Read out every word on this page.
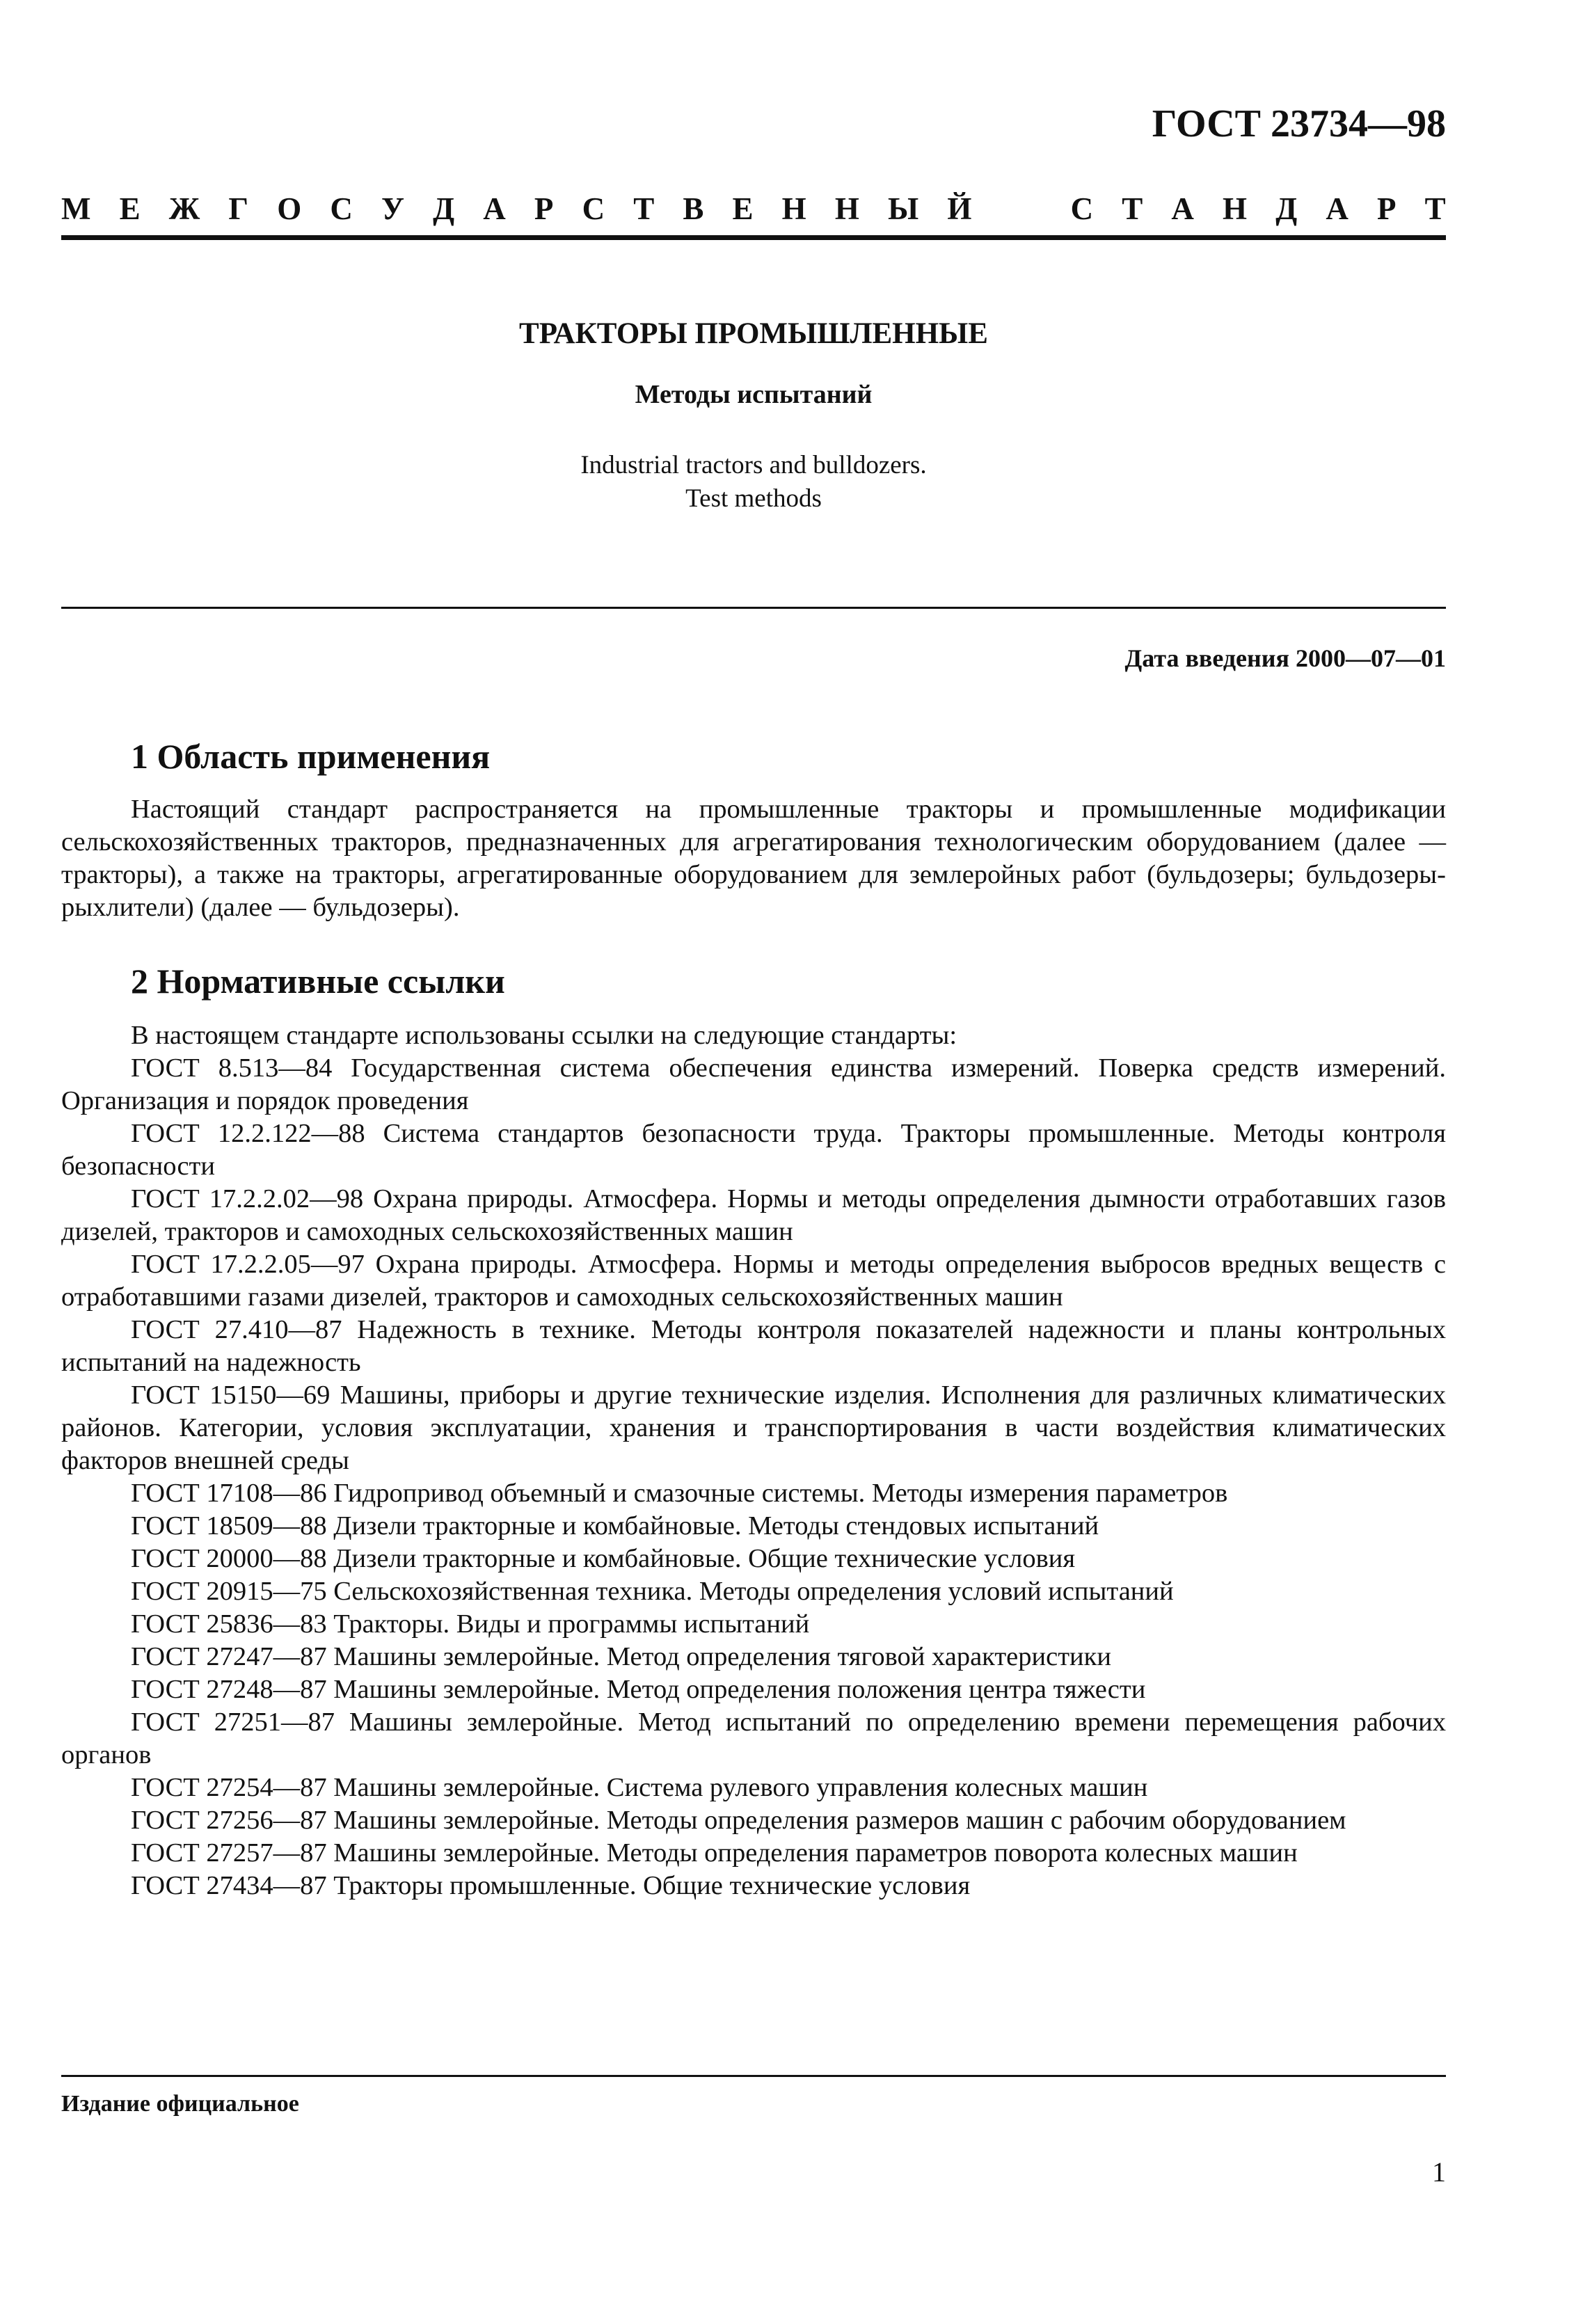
ГОСТ 23734—98
М Е Ж Г О С У Д А Р С Т В Е Н Н Ы Й	С Т А Н Д А Р Т
ТРАКТОРЫ ПРОМЫШЛЕННЫЕ
Методы испытаний
Industrial tractors and bulldozers.
Test methods
Дата введения 2000—07—01
1 Область применения

Настоящий стандарт распространяется на промышленные тракторы и промышленные модификации сельскохозяйственных тракторов, предназначенных для агрегатирования технологическим оборудованием (далее — тракторы), а также на тракторы, агрегатированные оборудованием для землеройных работ (бульдозеры; бульдозеры-рыхлители) (далее — бульдозеры).

2 Нормативные ссылки

В настоящем стандарте использованы ссылки на следующие стандарты:

ГОСТ 8.513—84 Государственная система обеспечения единства измерений. Поверка средств измерений. Организация и порядок проведения

ГОСТ 12.2.122—88 Система стандартов безопасности труда. Тракторы промышленные. Методы контроля безопасности

ГОСТ 17.2.2.02—98 Охрана природы. Атмосфера. Нормы и методы определения дымности отработавших газов дизелей, тракторов и самоходных сельскохозяйственных машин

ГОСТ 17.2.2.05—97 Охрана природы. Атмосфера. Нормы и методы определения выбросов вредных веществ с отработавшими газами дизелей, тракторов и самоходных сельскохозяйственных машин

ГОСТ 27.410—87 Надежность в технике. Методы контроля показателей надежности и планы контрольных испытаний на надежность

ГОСТ 15150—69 Машины, приборы и другие технические изделия. Исполнения для различных климатических районов. Категории, условия эксплуатации, хранения и транспортирования в части воздействия климатических факторов внешней среды

ГОСТ 17108—86 Гидропривод объемный и смазочные системы. Методы измерения параметров

ГОСТ 18509—88 Дизели тракторные и комбайновые. Методы стендовых испытаний

ГОСТ 20000—88 Дизели тракторные и комбайновые. Общие технические условия

ГОСТ 20915—75 Сельскохозяйственная техника. Методы определения условий испытаний

ГОСТ 25836—83 Тракторы. Виды и программы испытаний

ГОСТ 27247—87 Машины землеройные. Метод определения тяговой характеристики

ГОСТ 27248—87 Машины землеройные. Метод определения положения центра тяжести

ГОСТ 27251—87 Машины землеройные. Метод испытаний по определению времени перемещения рабочих органов

ГОСТ 27254—87 Машины землеройные. Система рулевого управления колесных машин

ГОСТ 27256—87 Машины землеройные. Методы определения размеров машин с рабочим оборудованием

ГОСТ 27257—87 Машины землеройные. Методы определения параметров поворота колесных машин

ГОСТ 27434—87 Тракторы промышленные. Общие технические условия

Издание официальное
1
